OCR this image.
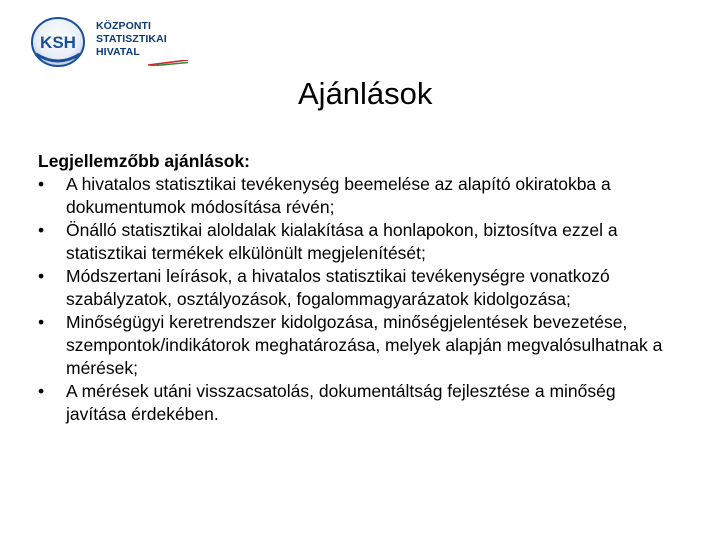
KSH
KÖZPONTI
STATISZTIKAI
HIVATAL
Ajánlások

Legjellemzőbb ajánlások:

•	A hivatalos statisztikai tevékenység beemelése az alapító okiratokba a dokumentumok módosítása révén;
•	Önálló statisztikai aloldalak kialakítása a honlapokon, biztosítva ezzel a statisztikai termékek elkülönült megjelenítését;
•	Módszertani leírások, a hivatalos statisztikai tevékenységre vonatkozó szabályzatok, osztályozások, fogalommagyarázatok kidolgozása;
•	Minőségügyi keretrendszer kidolgozása, minőségjelentések bevezetése, szempontok/indikátorok meghatározása, melyek alapján megvalósulhatnak a mérések;
•	A mérések utáni visszacsatolás, dokumentáltság fejlesztése a minőség javítása érdekében.
